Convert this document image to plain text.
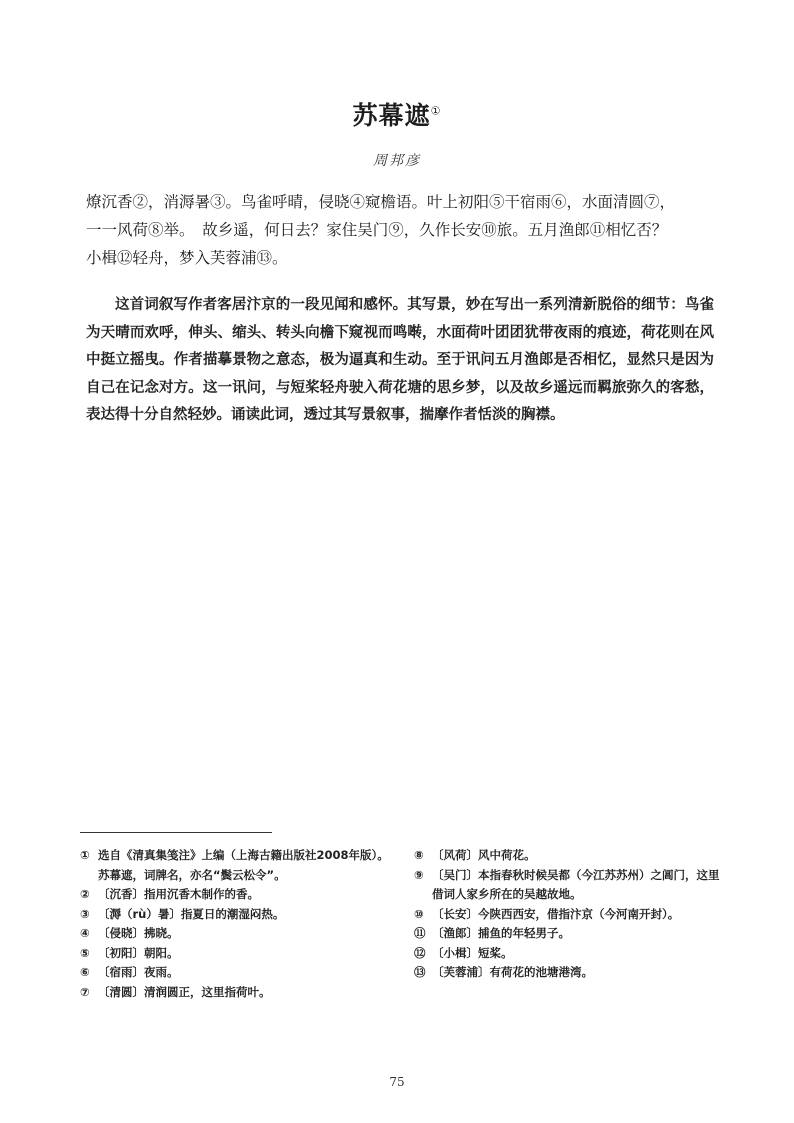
苏幕遮①
周邦彦

燎沉香②，消溽暑③。鸟雀呼晴，侵晓④窥檐语。叶上初阳⑤干宿雨⑥，水面清圆⑦，

一一风荷⑧举。　故乡遥，何日去？家住吴门⑨，久作长安⑩旅。五月渔郎⑪相忆否？

小楫⑫轻舟，梦入芙蓉浦⑬。

这首词叙写作者客居汴京的一段见闻和感怀。其写景，妙在写出一系列清新脱俗的细节：鸟雀为天晴而欢呼，伸头、缩头、转头向檐下窥视而鸣啭，水面荷叶团团犹带夜雨的痕迹，荷花则在风中挺立摇曳。作者描摹景物之意态，极为逼真和生动。至于讯问五月渔郎是否相忆，显然只是因为自己在记念对方。这一讯问，与短桨轻舟驶入荷花塘的思乡梦，以及故乡遥远而羁旅弥久的客愁，表达得十分自然轻妙。诵读此词，透过其写景叙事，揣摩作者恬淡的胸襟。

① 选自《清真集笺注》上编（上海古籍出版社2008年版）。苏幕遮，词牌名，亦名“鬓云松令”。
② 〔沉香〕指用沉香木制作的香。
③ 〔溽（rù）暑〕指夏日的潮湿闷热。
④ 〔侵晓〕拂晓。
⑤ 〔初阳〕朝阳。
⑥ 〔宿雨〕夜雨。
⑦ 〔清圆〕清润圆正，这里指荷叶。
⑧ 〔风荷〕风中荷花。
⑨ 〔吴门〕本指春秋时候吴都（今江苏苏州）之阊门，这里借词人家乡所在的吴越故地。
⑩ 〔长安〕今陕西西安，借指汴京（今河南开封）。
⑪ 〔渔郎〕捕鱼的年轻男子。
⑫ 〔小楫〕短桨。
⑬ 〔芙蓉浦〕有荷花的池塘港湾。
75
